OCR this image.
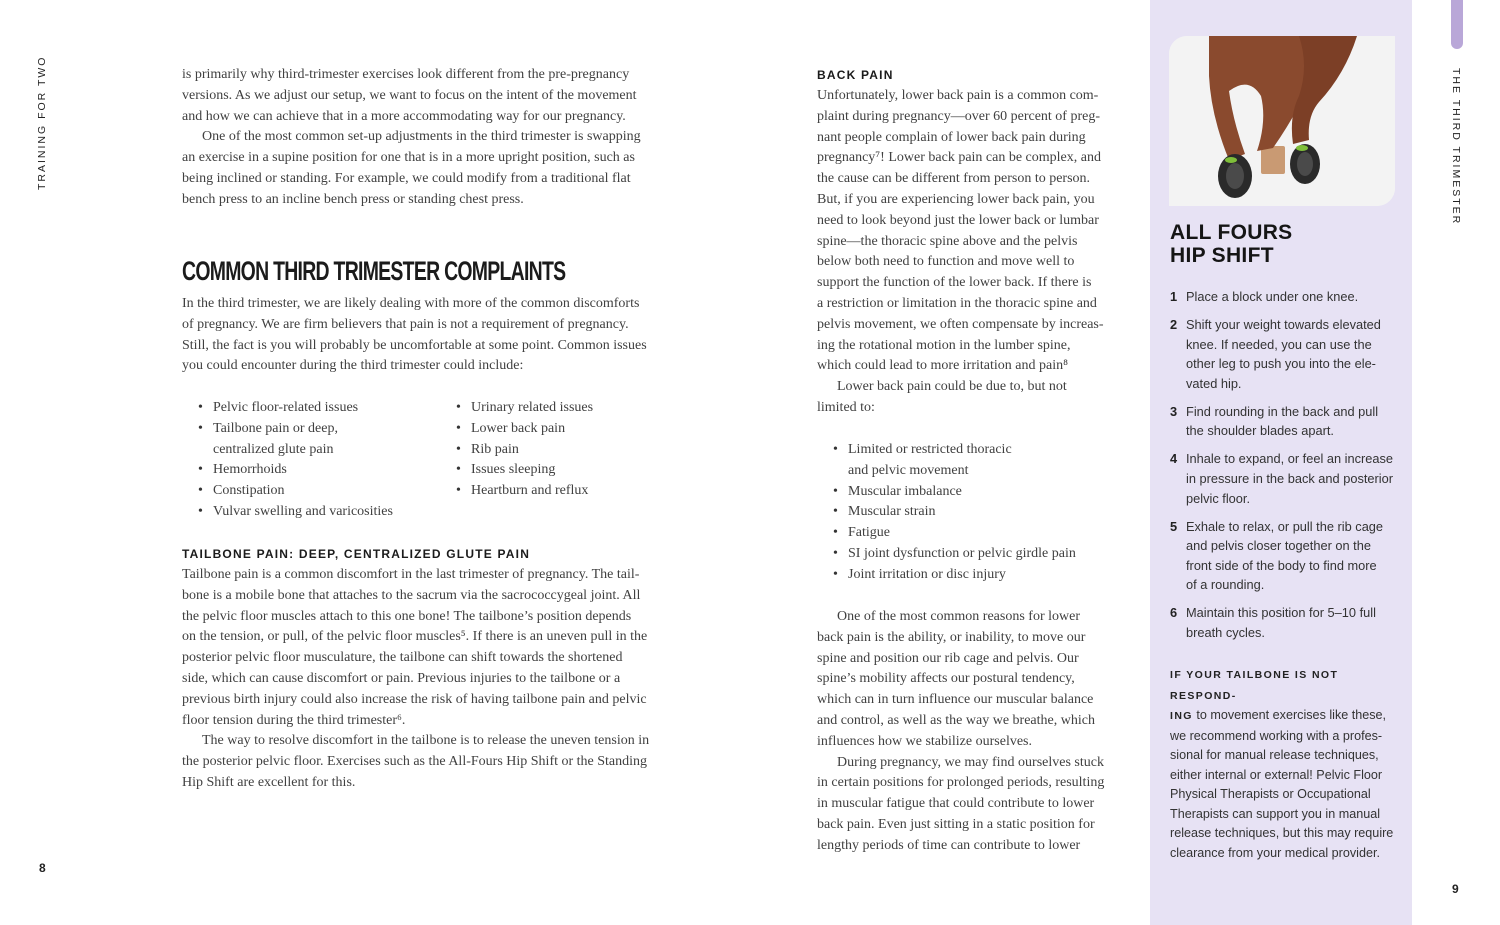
TRAINING FOR TWO	THE THIRD TRIMESTER
8
9

is primarily why third-trimester exercises look different from the pre-pregnancy

versions. As we adjust our setup, we want to focus on the intent of the movement

and how we can achieve that in a more accommodating way for our pregnancy.

One of the most common set-up adjustments in the third trimester is swapping

an exercise in a supine position for one that is in a more upright position, such as

being inclined or standing. For example, we could modify from a traditional flat

bench press to an incline bench press or standing chest press.

COMMON THIRD TRIMESTER COMPLAINTS

In the third trimester, we are likely dealing with more of the common discomforts

of pregnancy. We are firm believers that pain is not a requirement of pregnancy.

Still, the fact is you will probably be uncomfortable at some point. Common issues

you could encounter during the third trimester could include:

• Pelvic floor-related issues
• Tailbone pain or deep,
centralized glute pain
• Hemorrhoids
• Constipation
• Vulvar swelling and varicosities
• Urinary related issues
• Lower back pain
• Rib pain
• Issues sleeping
• Heartburn and reflux
TAILBONE PAIN: DEEP, CENTRALIZED GLUTE PAIN

Tailbone pain is a common discomfort in the last trimester of pregnancy. The tail-

bone is a mobile bone that attaches to the sacrum via the sacrococcygeal joint. All

the pelvic floor muscles attach to this one bone! The tailbone’s position depends

on the tension, or pull, of the pelvic floor muscles⁵. If there is an uneven pull in the

posterior pelvic floor musculature, the tailbone can shift towards the shortened

side, which can cause discomfort or pain. Previous injuries to the tailbone or a

previous birth injury could also increase the risk of having tailbone pain and pelvic

floor tension during the third trimester⁶.

The way to resolve discomfort in the tailbone is to release the uneven tension in

the posterior pelvic floor. Exercises such as the All-Fours Hip Shift or the Standing

Hip Shift are excellent for this.

BACK PAIN

Unfortunately, lower back pain is a common com-

plaint during pregnancy—over 60 percent of preg-

nant people complain of lower back pain during

pregnancy⁷! Lower back pain can be complex, and

the cause can be different from person to person.

But, if you are experiencing lower back pain, you

need to look beyond just the lower back or lumbar

spine—the thoracic spine above and the pelvis

below both need to function and move well to

support the function of the lower back. If there is

a restriction or limitation in the thoracic spine and

pelvis movement, we often compensate by increas-

ing the rotational motion in the lumber spine,

which could lead to more irritation and pain⁸

Lower back pain could be due to, but not

limited to:

• Limited or restricted thoracic
and pelvic movement
• Muscular imbalance
• Muscular strain
• Fatigue
• SI joint dysfunction or pelvic girdle pain
• Joint irritation or disc injury

One of the most common reasons for lower

back pain is the ability, or inability, to move our

spine and position our rib cage and pelvis. Our

spine’s mobility affects our postural tendency,

which can in turn influence our muscular balance

and control, as well as the way we breathe, which

influences how we stabilize ourselves.

During pregnancy, we may find ourselves stuck

in certain positions for prolonged periods, resulting

in muscular fatigue that could contribute to lower

back pain. Even just sitting in a static position for

lengthy periods of time can contribute to lower

ALL FOURS
HIP SHIFT
1 Place a block under one knee.
2 Shift your weight towards elevated
knee. If needed, you can use the
other leg to push you into the ele-
vated hip.
3 Find rounding in the back and pull
the shoulder blades apart.
4 Inhale to expand, or feel an increase
in pressure in the back and posterior
pelvic floor.
5 Exhale to relax, or pull the rib cage
and pelvis closer together on the
front side of the body to find more
of a rounding.
6 Maintain this position for 5–10 full
breath cycles.
IF YOUR TAILBONE IS NOT RESPOND-
ING to movement exercises like these,
we recommend working with a profes-
sional for manual release techniques,
either internal or external! Pelvic Floor
Physical Therapists or Occupational
Therapists can support you in manual
release techniques, but this may require
clearance from your medical provider.
